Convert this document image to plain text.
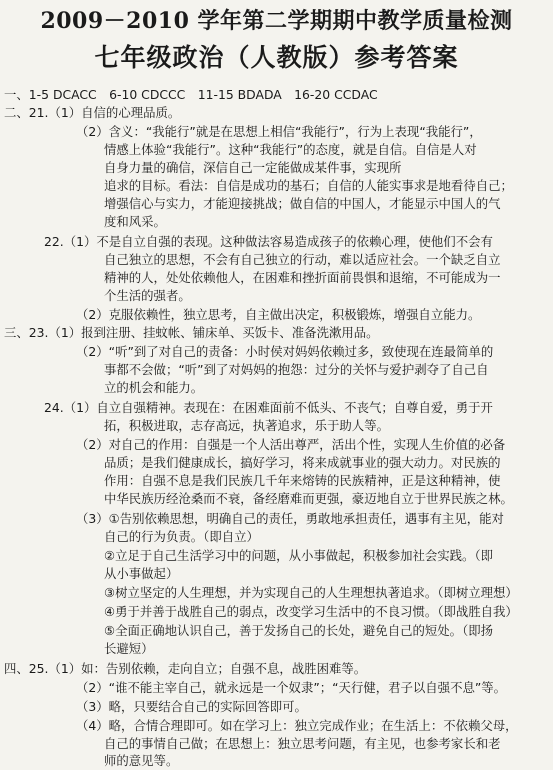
2009－2010 学年第二学期期中教学质量检测
七年级政治（人教版）参考答案
一、1-5 DCACC　6-10 CDCCC　11-15 BDADA　16-20 CCDAC
二、21.（1）自信的心理品质。
（2）含义：“我能行”就是在思想上相信“我能行”，行为上表现“我能行”，
情感上体验“我能行”。这种“我能行”的态度，就是自信。自信是人对
自身力量的确信，深信自己一定能做成某件事，实现所
追求的目标。看法：自信是成功的基石；自信的人能实事求是地看待自己；
增强信心与实力，才能迎接挑战；做自信的中国人，才能显示中国人的气
度和风采。
22.（1）不是自立自强的表现。这种做法容易造成孩子的依赖心理，使他们不会有
自己独立的思想，不会有自己独立的行动，难以适应社会。一个缺乏自立
精神的人，处处依赖他人，在困难和挫折面前畏惧和退缩，不可能成为一
个生活的强者。
（2）克服依赖性，独立思考，自主做出决定，积极锻炼，增强自立能力。
三、23.（1）报到注册、挂蚊帐、铺床单、买饭卡、准备洗漱用品。
（2）“听”到了对自己的责备：小时侯对妈妈依赖过多，致使现在连最简单的
事都不会做；“听”到了对妈妈的抱怨：过分的关怀与爱护剥夺了自己自
立的机会和能力。
24.（1）自立自强精神。表现在：在困难面前不低头、不丧气；自尊自爱，勇于开
拓，积极进取，志存高远，执著追求，乐于助人等。
（2）对自己的作用：自强是一个人活出尊严，活出个性，实现人生价值的必备
品质；是我们健康成长，搞好学习，将来成就事业的强大动力。对民族的
作用：自强不息是我们民族几千年来熔铸的民族精神，正是这种精神，使
中华民族历经沧桑而不衰，备经磨难而更强，豪迈地自立于世界民族之林。
（3）①告别依赖思想，明确自己的责任，勇敢地承担责任，遇事有主见，能对
自己的行为负责。（即自立）
②立足于自己生活学习中的问题，从小事做起，积极参加社会实践。（即
从小事做起）
③树立坚定的人生理想，并为实现自己的人生理想执著追求。（即树立理想）
④勇于并善于战胜自己的弱点，改变学习生活中的不良习惯。（即战胜自我）
⑤全面正确地认识自己，善于发扬自己的长处，避免自己的短处。（即扬
长避短）
四、25.（1）如：告别依赖，走向自立；自强不息，战胜困难等。
（2）“谁不能主宰自己，就永远是一个奴隶”；“天行健，君子以自强不息”等。
（3）略，只要结合自己的实际回答即可。
（4）略，合情合理即可。如在学习上：独立完成作业；在生活上：不依赖父母，
自己的事情自己做；在思想上：独立思考问题，有主见，也参考家长和老
师的意见等。
